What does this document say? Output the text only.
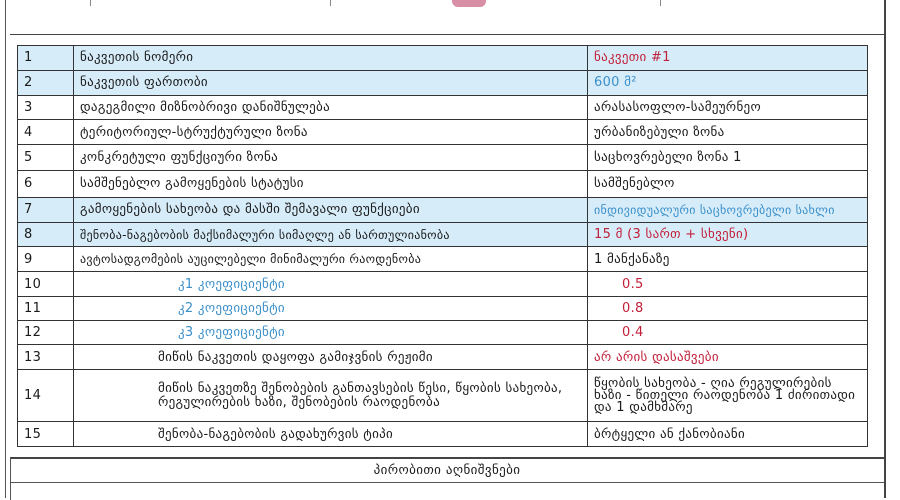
1	ნაკვეთის ნომერი	ნაკვეთი #1
2	ნაკვეთის ფართობი	600 მ²
3	დაგეგმილი მიზნობრივი დანიშნულება	არასასოფლო-სამეურნეო
4	ტერიტორიულ-სტრუქტურული ზონა	ურბანიზებული ზონა
5	კონკრეტული ფუნქციური ზონა	საცხოვრებელი ზონა 1
6	სამშენებლო გამოყენების სტატუსი	სამშენებლო
7	გამოყენების სახეობა და მასში შემავალი ფუნქციები	ინდივიდუალური საცხოვრებელი სახლი
8	შენობა-ნაგებობის მაქსიმალური სიმაღლე ან სართულიანობა	15 მ (3 სართ + სხვენი)
9	ავტოსადგომების აუცილებელი მინიმალური რაოდენობა	1 მანქანაზე
10	კ1 კოეფიციენტი	0.5
11	კ2 კოეფიციენტი	0.8
12	კ3 კოეფიციენტი	0.4
13	მიწის ნაკვეთის დაყოფა გამიჯვნის რეჟიმი	არ არის დასაშვები
14	მიწის ნაკვეთზე შენობების განთავსების წესი, წყობის სახეობა, რეგულირების ხაზი, შენობების რაოდენობა	წყობის სახეობა - ღია რეგულირების ხაზი - წითელი რაოდენობა 1 ძირითადი და 1 დამხმარე
15	შენობა-ნაგებობის გადახურვის ტიპი	ბრტყელი ან ქანობიანი
პირობითი აღნიშვნები
